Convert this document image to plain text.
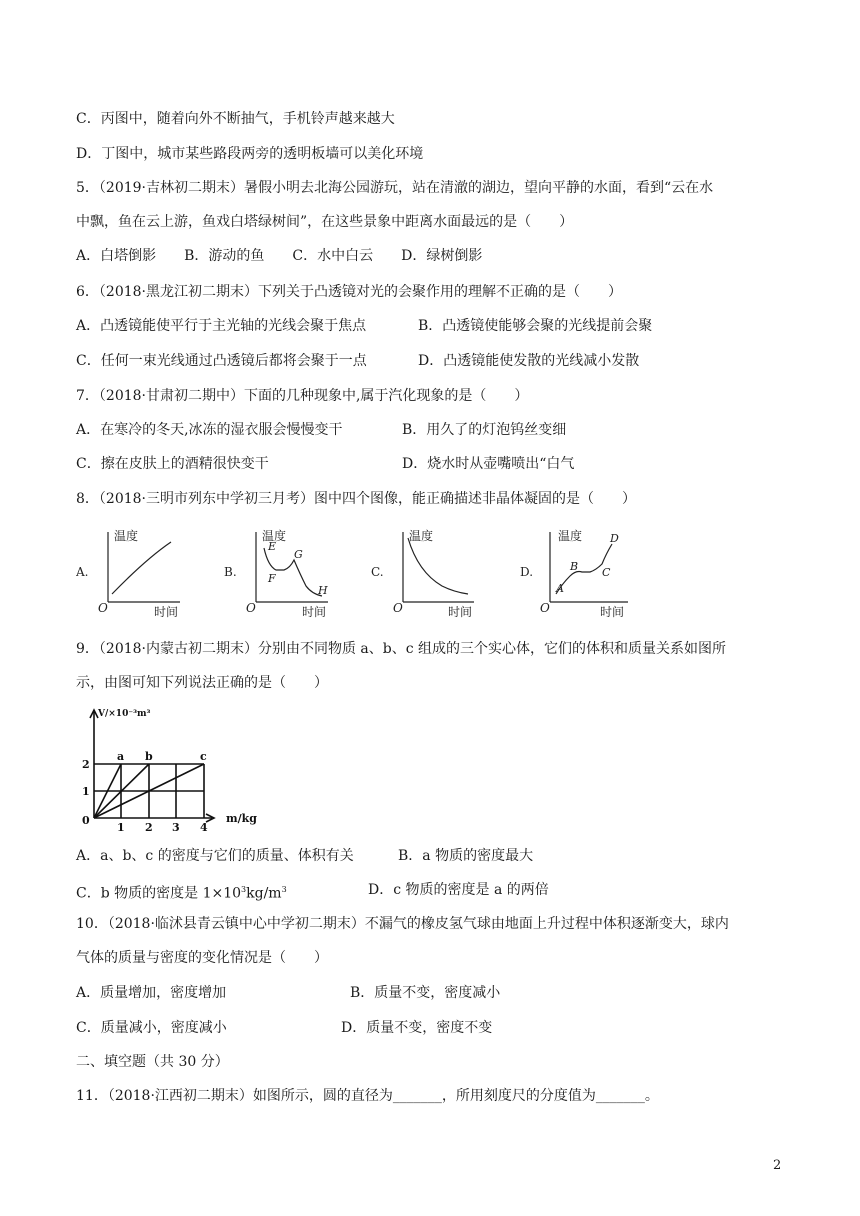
C．丙图中，随着向外不断抽气，手机铃声越来越大
D．丁图中，城市某些路段两旁的透明板墙可以美化环境
5．（2019·吉林初二期末）暑假小明去北海公园游玩，站在清澈的湖边，望向平静的水面，看到“云在水
中飘，鱼在云上游，鱼戏白塔绿树间”，在这些景象中距离水面最远的是（　　）
A．白塔倒影　　B．游动的鱼　　C．水中白云　　D．绿树倒影
6．（2018·黑龙江初二期末）下列关于凸透镜对光的会聚作用的理解不正确的是（　　）
A．凸透镜能使平行于主光轴的光线会聚于焦点	B．凸透镜使能够会聚的光线提前会聚
C．任何一束光线通过凸透镜后都将会聚于一点	D．凸透镜能使发散的光线减小发散
7．（2018·甘肃初二期中）下面的几种现象中,属于汽化现象的是（　　）
A．在寒冷的冬天,冰冻的湿衣服会慢慢变干	B．用久了的灯泡钨丝变细
C．擦在皮肤上的酒精很快变干	D．烧水时从壶嘴喷出“白气
8．（2018·三明市列东中学初三月考）图中四个图像，能正确描述非晶体凝固的是（　　）
A.	B.	C.	D.
温度	温度	温度	温度
时间	时间	时间	时间
O	O	O	O
E
F
G
H	A
B C
D
9．（2018·内蒙古初二期末）分别由不同物质 a、b、c 组成的三个实心体，它们的体积和质量关系如图所
示，由图可知下列说法正确的是（　　）
V/×10⁻³m³
m/kg
0
2
1
1 2 3 4
a b	c
A．a、b、c 的密度与它们的质量、体积有关	B．a 物质的密度最大
C．b 物质的密度是 $1\times 10^3kg/m^3$	D．c 物质的密度是 a 的两倍
10．（2018·临沭县青云镇中心中学初二期末）不漏气的橡皮氢气球由地面上升过程中体积逐渐变大，球内
气体的质量与密度的变化情况是（　　）
A．质量增加，密度增加	B．质量不变，密度减小
C．质量减小，密度减小	D．质量不变，密度不变
二、填空题（共 30 分）
11．（2018·江西初二期末）如图所示，圆的直径为_______，所用刻度尺的分度值为_______。
2
